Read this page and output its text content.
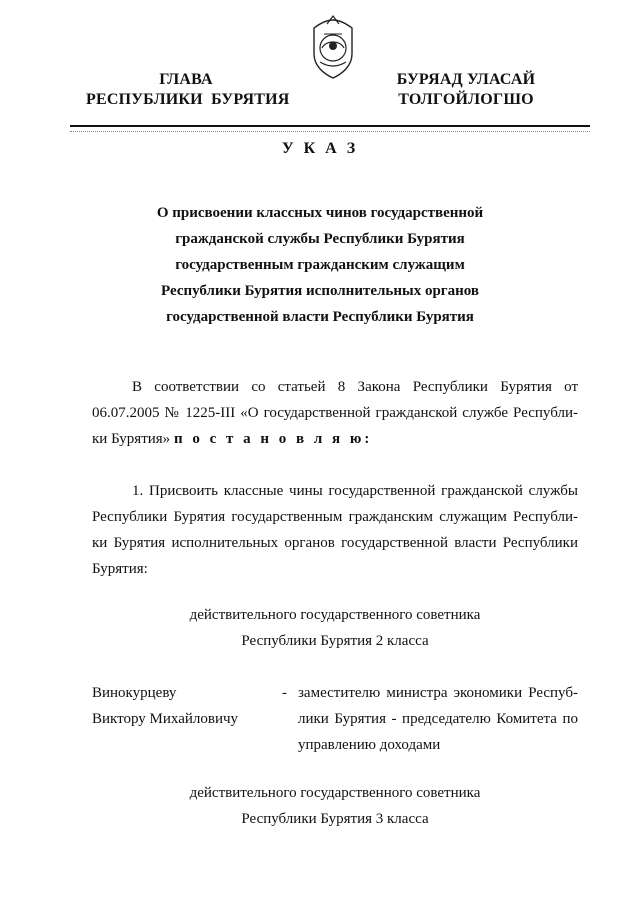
ГЛАВА
РЕСПУБЛИКИ  БУРЯТИЯ
БУРЯАД УЛАСАЙ
ТОЛГОЙЛОГШО
У К А З
О присвоении классных чинов государственной
гражданской службы Республики Бурятия
государственным гражданским служащим
Республики Бурятия исполнительных органов
государственной власти Республики Бурятия
В   соответствии   со   статьей   8   Закона   Республики   Бурятия   от
06.07.2005 № 1225-III «О государственной гражданской службе Республи-
ки Бурятия» п о с т а н о в л я ю:
1. Присвоить классные чины государственной гражданской службы
Республики Бурятия государственным гражданским служащим Республи-
ки Бурятия исполнительных органов государственной власти Республики
Бурятия:
действительного государственного советника
Республики Бурятия 2 класса
Винокурцеву
Виктору Михайловичу
- заместителю министра экономики Респуб-
лики Бурятия - председателю Комитета по
управлению доходами
действительного государственного советника
Республики Бурятия 3 класса
